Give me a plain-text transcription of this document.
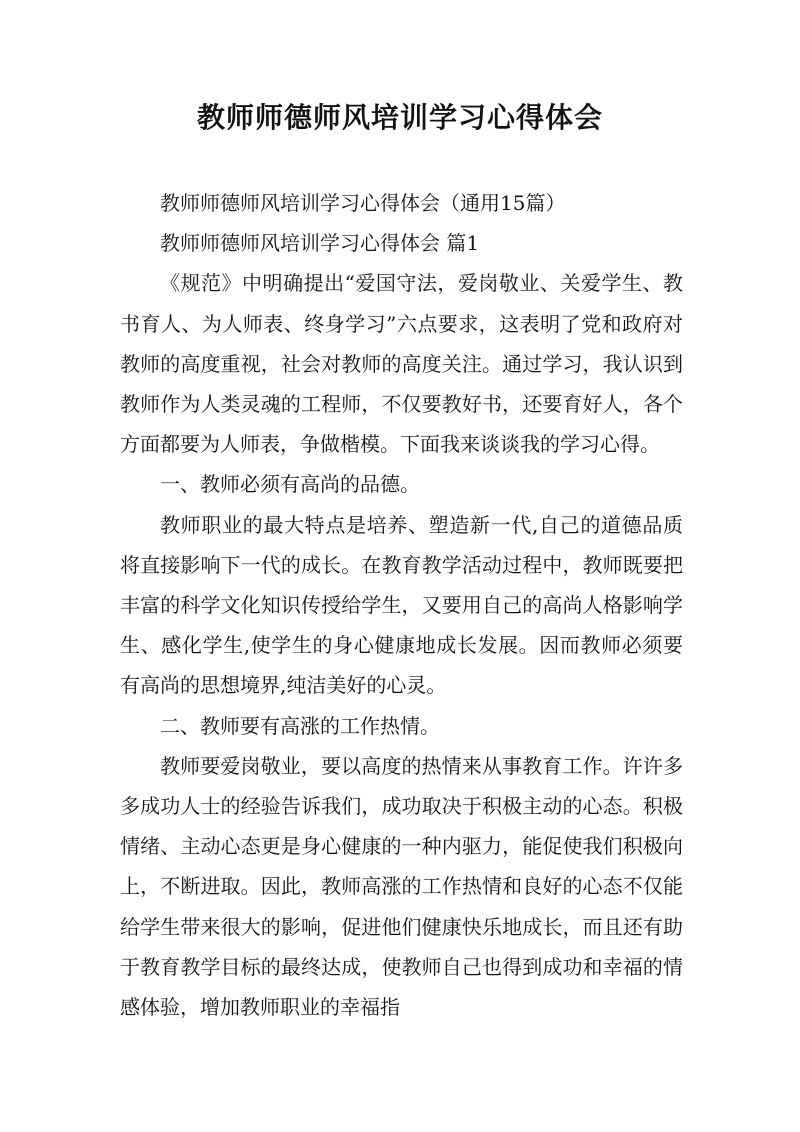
教师师德师风培训学习心得体会

教师师德师风培训学习心得体会（通用15篇）

教师师德师风培训学习心得体会 篇1

《规范》中明确提出“爱国守法，爱岗敬业、关爱学生、教书育人、为人师表、终身学习”六点要求，这表明了党和政府对教师的高度重视，社会对教师的高度关注。通过学习，我认识到教师作为人类灵魂的工程师，不仅要教好书，还要育好人，各个方面都要为人师表，争做楷模。下面我来谈谈我的学习心得。

一、教师必须有高尚的品德。

教师职业的最大特点是培养、塑造新一代,自己的道德品质将直接影响下一代的成长。在教育教学活动过程中，教师既要把丰富的科学文化知识传授给学生，又要用自己的高尚人格影响学生、感化学生,使学生的身心健康地成长发展。因而教师必须要有高尚的思想境界,纯洁美好的心灵。

二、教师要有高涨的工作热情。

教师要爱岗敬业，要以高度的热情来从事教育工作。许许多多成功人士的经验告诉我们，成功取决于积极主动的心态。积极情绪、主动心态更是身心健康的一种内驱力，能促使我们积极向上，不断进取。因此，教师高涨的工作热情和良好的心态不仅能给学生带来很大的影响，促进他们健康快乐地成长，而且还有助于教育教学目标的最终达成，使教师自己也得到成功和幸福的情感体验，增加教师职业的幸福指
